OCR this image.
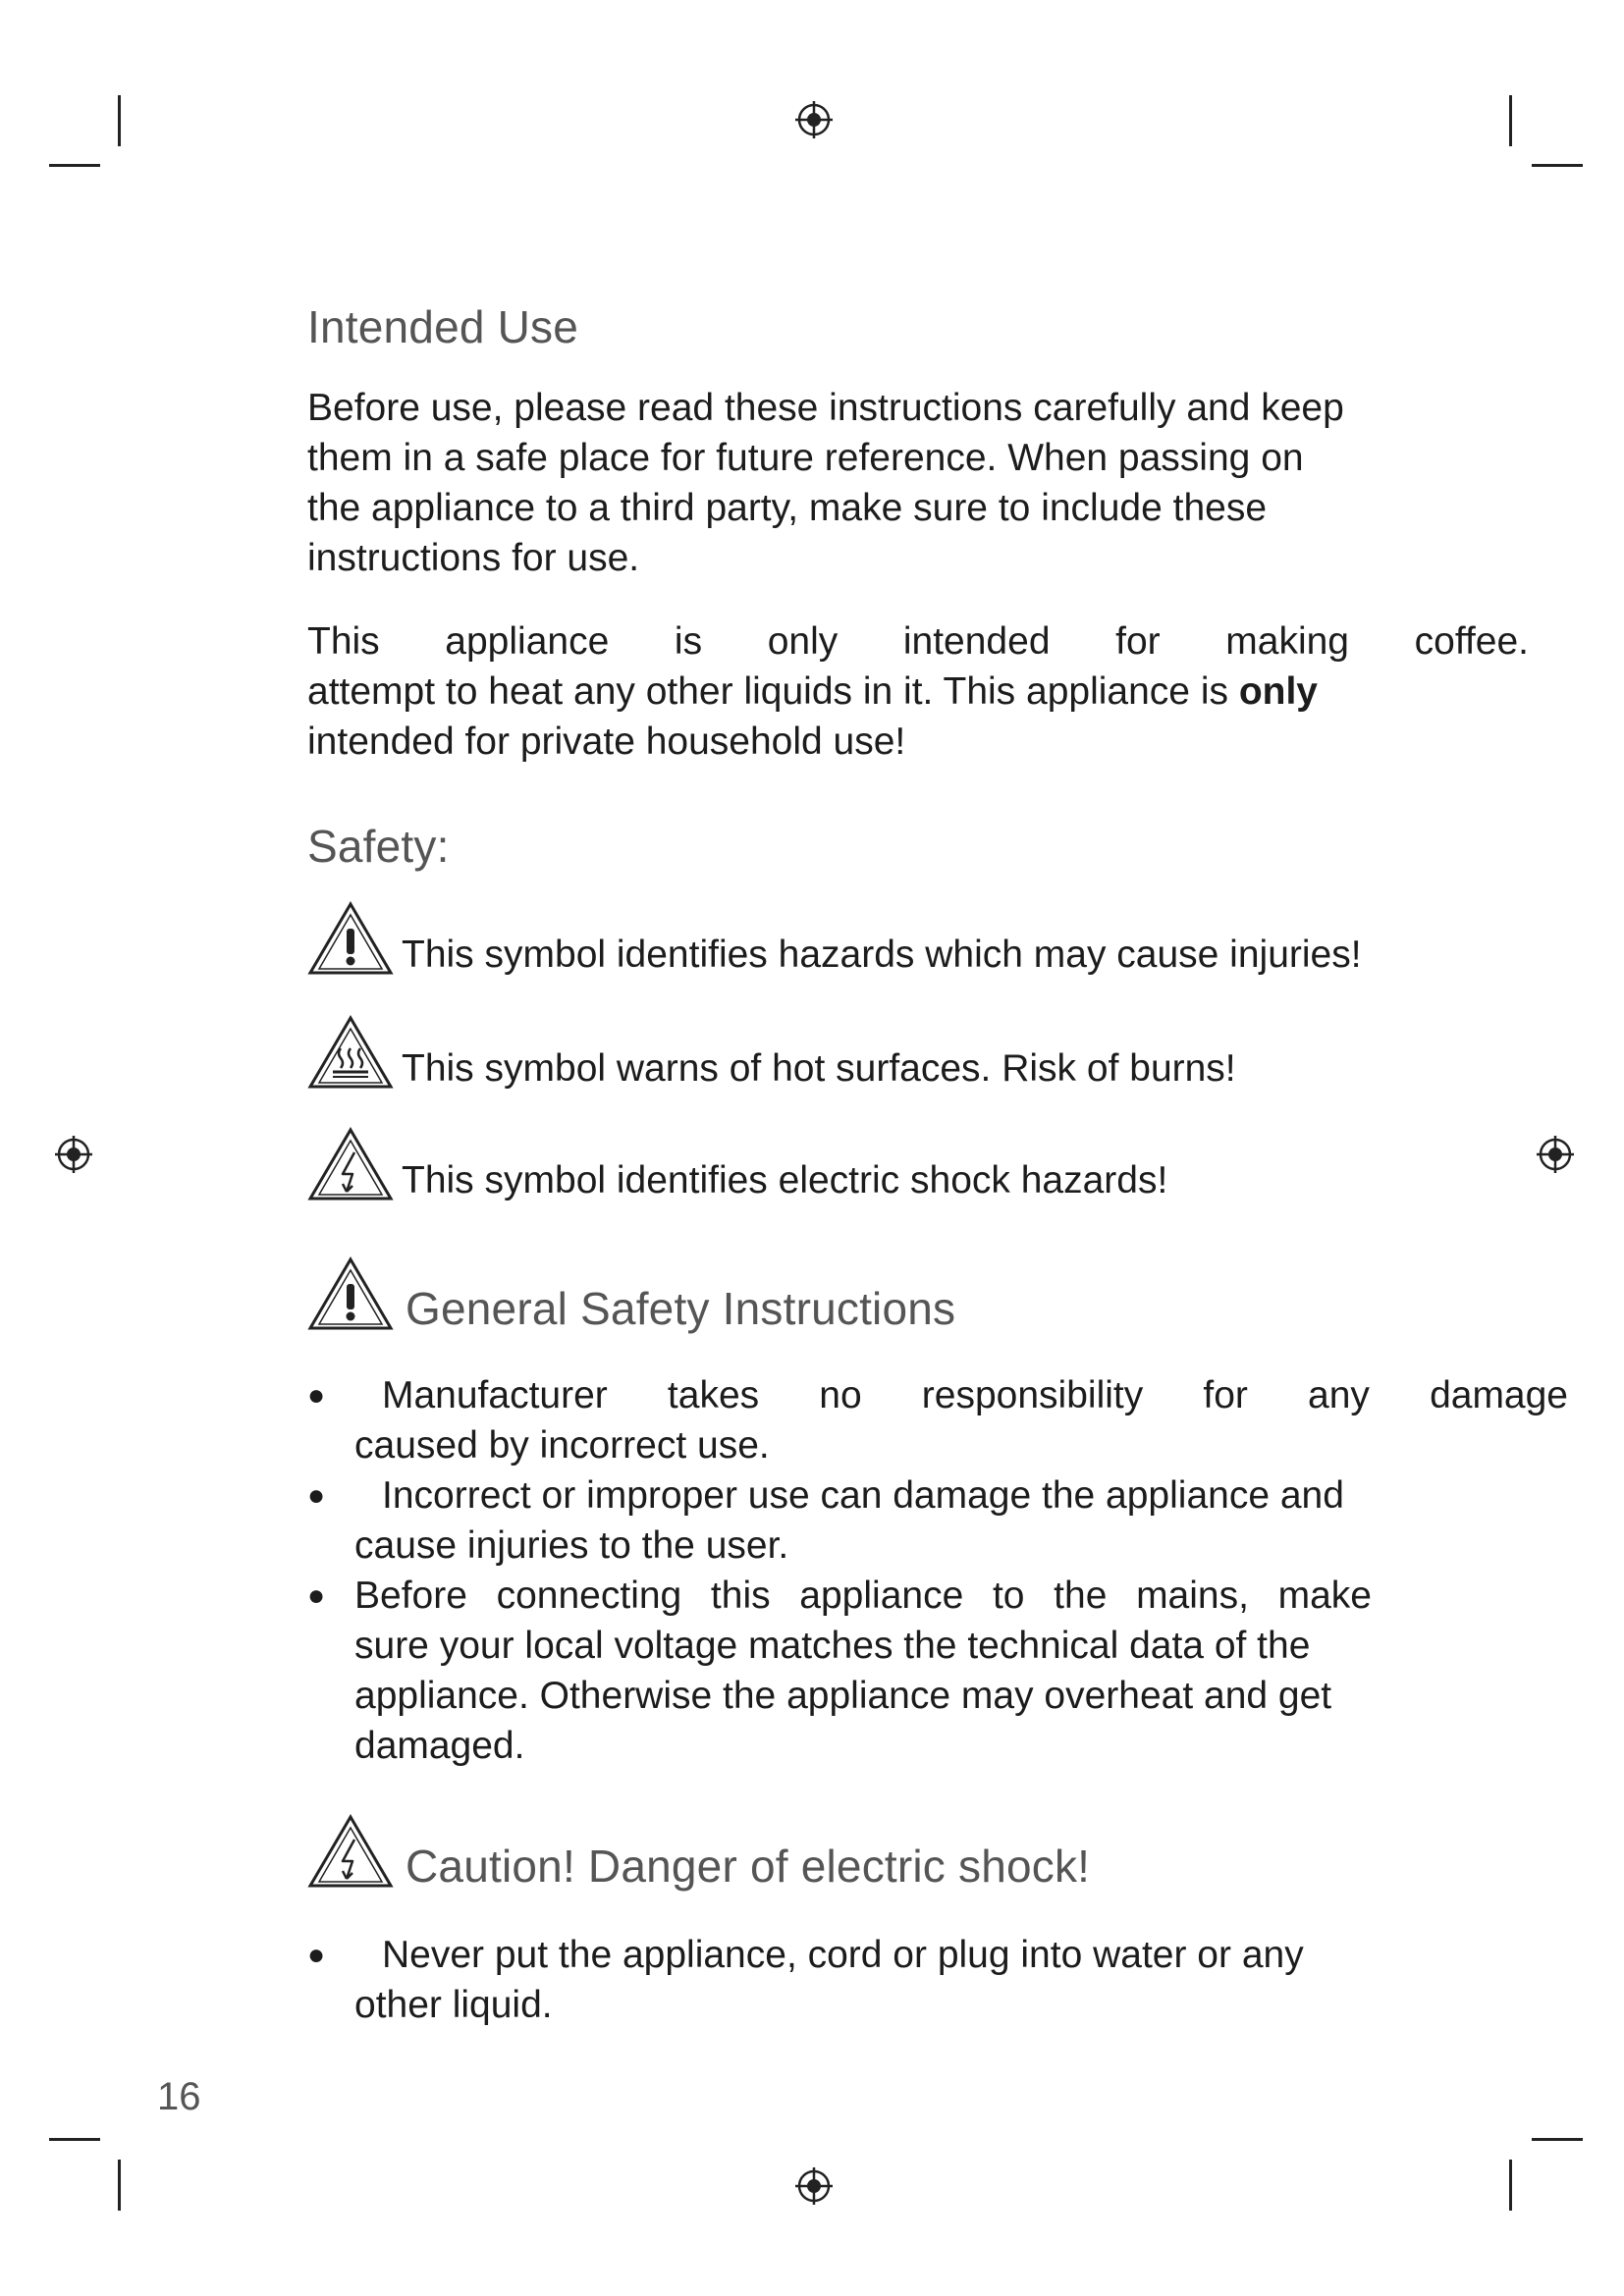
Intended Use
Before use, please read these instructions carefully and keep
them in a safe place for future reference. When passing on
the appliance to a third party, make sure to include these
instructions for use.
This appliance is only intended for making coffee.
attempt to heat any other liquids in it. This appliance is only
intended for private household use!
Safety:
This symbol identifies hazards which may cause injuries!
This symbol warns of hot surfaces. Risk of burns!
This symbol identifies electric shock hazards!
General Safety Instructions
●	Manufacturer takes no responsibility for any damage
caused by incorrect use.
●	Incorrect or improper use can damage the appliance and
cause injuries to the user.
● Before connecting this appliance to the mains, make
sure your local voltage matches the technical data of the
appliance. Otherwise the appliance may overheat and get
damaged.
Caution! Danger of electric shock!
●	Never put the appliance, cord or plug into water or any
other liquid.
16
